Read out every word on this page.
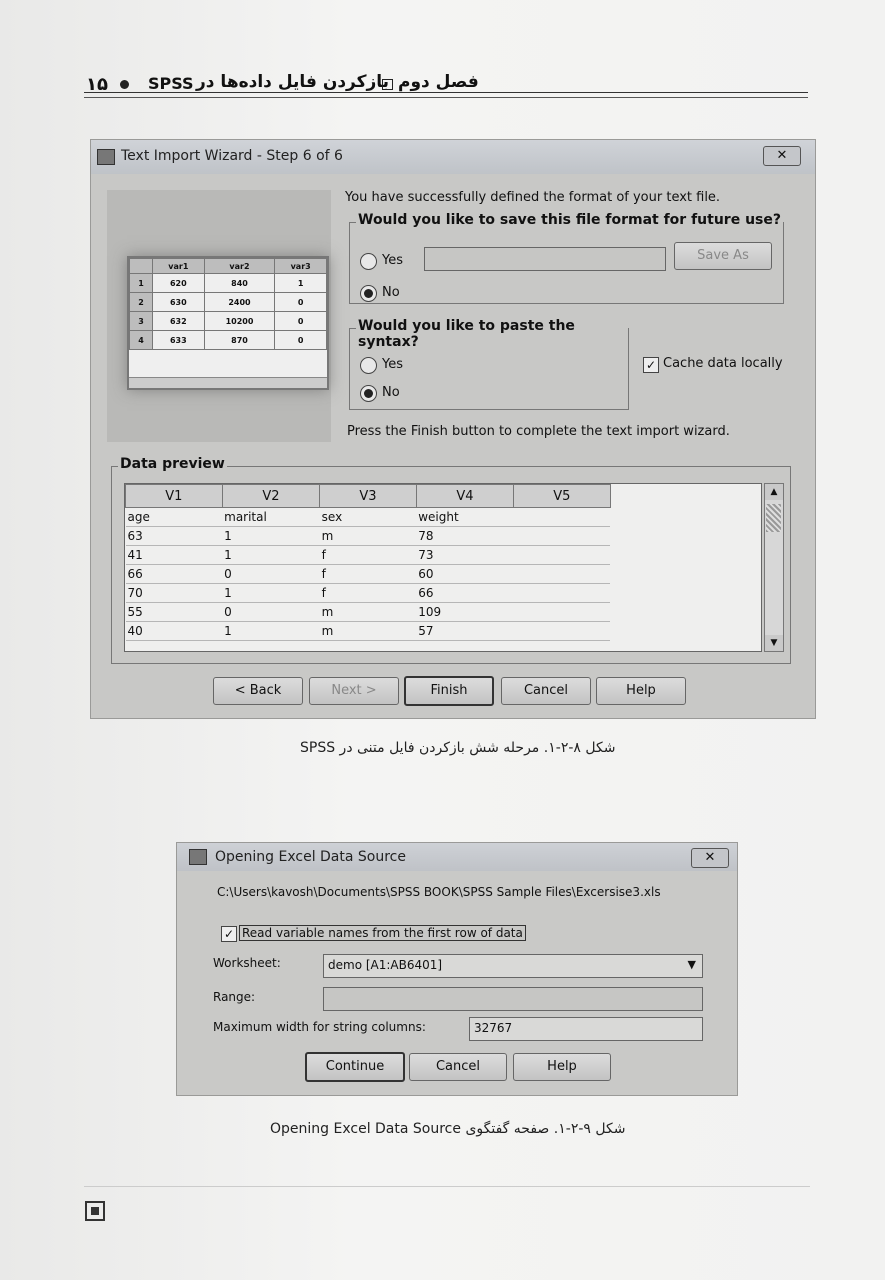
۱۵	SPSS بازکردن فایل داده‌ها در فصل دوم
Text Import Wizard - Step 6 of 6	✕
	var1	var2	var3
1	620	840	1
2	630	2400	0
3	632	10200	0
4	633	870	0
You have successfully defined the format of your text file.
Would you like to save this file format for future use?
Yes	Save As
No
Would you like to paste the syntax?
Yes
No
✓ Cache data locally
Press the Finish button to complete the text import wizard.
Data preview
V1	V2	V3	V4	V5	
age	marital	sex	weight		
63	1	m	78		
41	1	f	73		
66	0	f	60		
70	1	f	66		
55	0	m	109		
40	1	m	57		
▲
▼
< Back	Next >	Finish	Cancel	Help
شکل ۸-۲-۱. مرحله شش بازکردن فایل متنی در SPSS
Opening Excel Data Source	✕
C:\Users\kavosh\Documents\SPSS BOOK\SPSS Sample Files\Excersise3.xls
✓ Read variable names from the first row of data
Worksheet:	demo [A1:AB6401]	▼
Range:
Maximum width for string columns:	32767
Continue	Cancel	Help
شکل ۹-۲-۱. صفحه گفتگوی Opening Excel Data Source
